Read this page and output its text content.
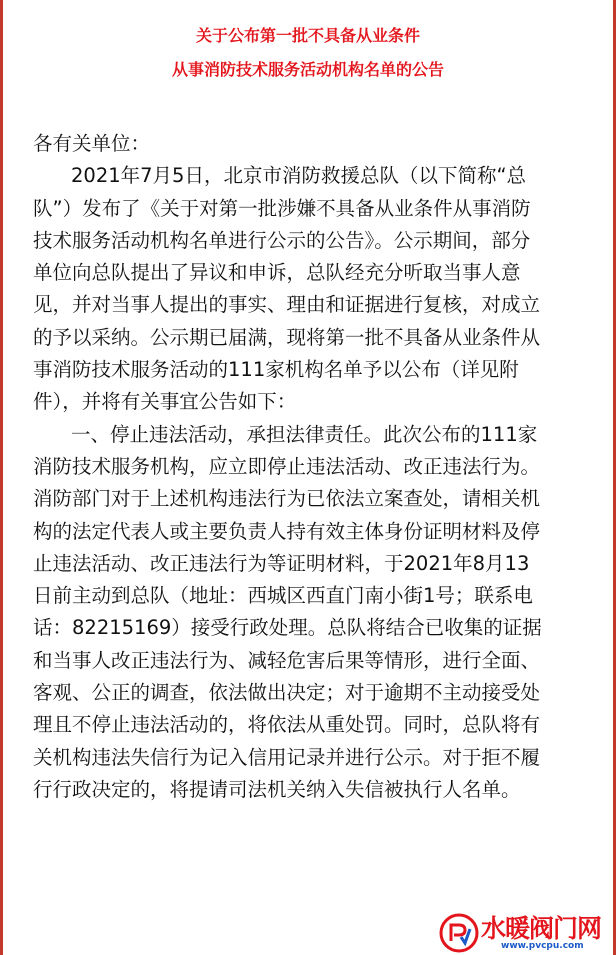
关于公布第一批不具备从业条件
从事消防技术服务活动机构名单的公告
各有关单位：
2021年7月5日，北京市消防救援总队（以下简称“总
队”）发布了《关于对第一批涉嫌不具备从业条件从事消防
技术服务活动机构名单进行公示的公告》。公示期间，部分
单位向总队提出了异议和申诉，总队经充分听取当事人意
见，并对当事人提出的事实、理由和证据进行复核，对成立
的予以采纳。公示期已届满，现将第一批不具备从业条件从
事消防技术服务活动的111家机构名单予以公布（详见附
件），并将有关事宜公告如下：
一、停止违法活动，承担法律责任。此次公布的111家
消防技术服务机构，应立即停止违法活动、改正违法行为。
消防部门对于上述机构违法行为已依法立案查处，请相关机
构的法定代表人或主要负责人持有效主体身份证明材料及停
止违法活动、改正违法行为等证明材料，于2021年8月13
日前主动到总队（地址：西城区西直门南小街1号；联系电
话：82215169）接受行政处理。总队将结合已收集的证据
和当事人改正违法行为、减轻危害后果等情形，进行全面、
客观、公正的调查，依法做出决定；对于逾期不主动接受处
理且不停止违法活动的，将依法从重处罚。同时，总队将有
关机构违法失信行为记入信用记录并进行公示。对于拒不履
行行政决定的，将提请司法机关纳入失信被执行人名单。
水暖阀门网
www.pvcpu.com
